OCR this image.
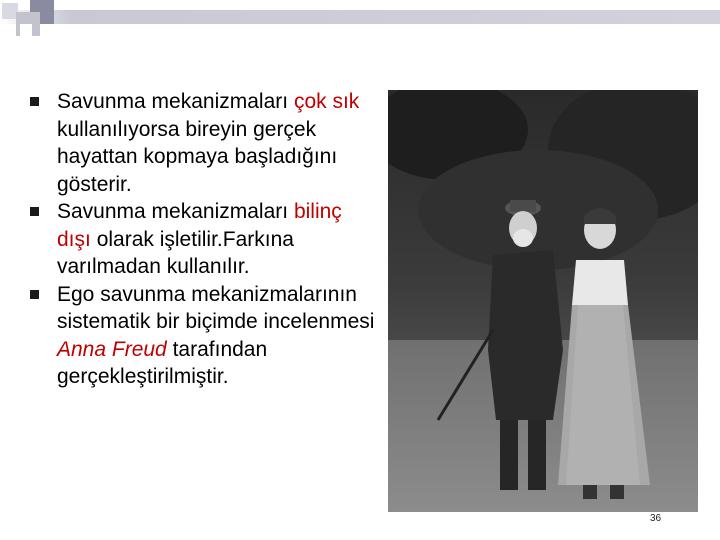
Savunma mekanizmaları çok sık kullanılıyorsa bireyin gerçek hayattan kopmaya başladığını gösterir.
Savunma mekanizmaları bilinç dışı olarak işletilir.Farkına varılmadan kullanılır.
Ego savunma mekanizmalarının sistematik bir biçimde incelenmesi Anna Freud tarafından gerçekleştirilmiştir.
36
